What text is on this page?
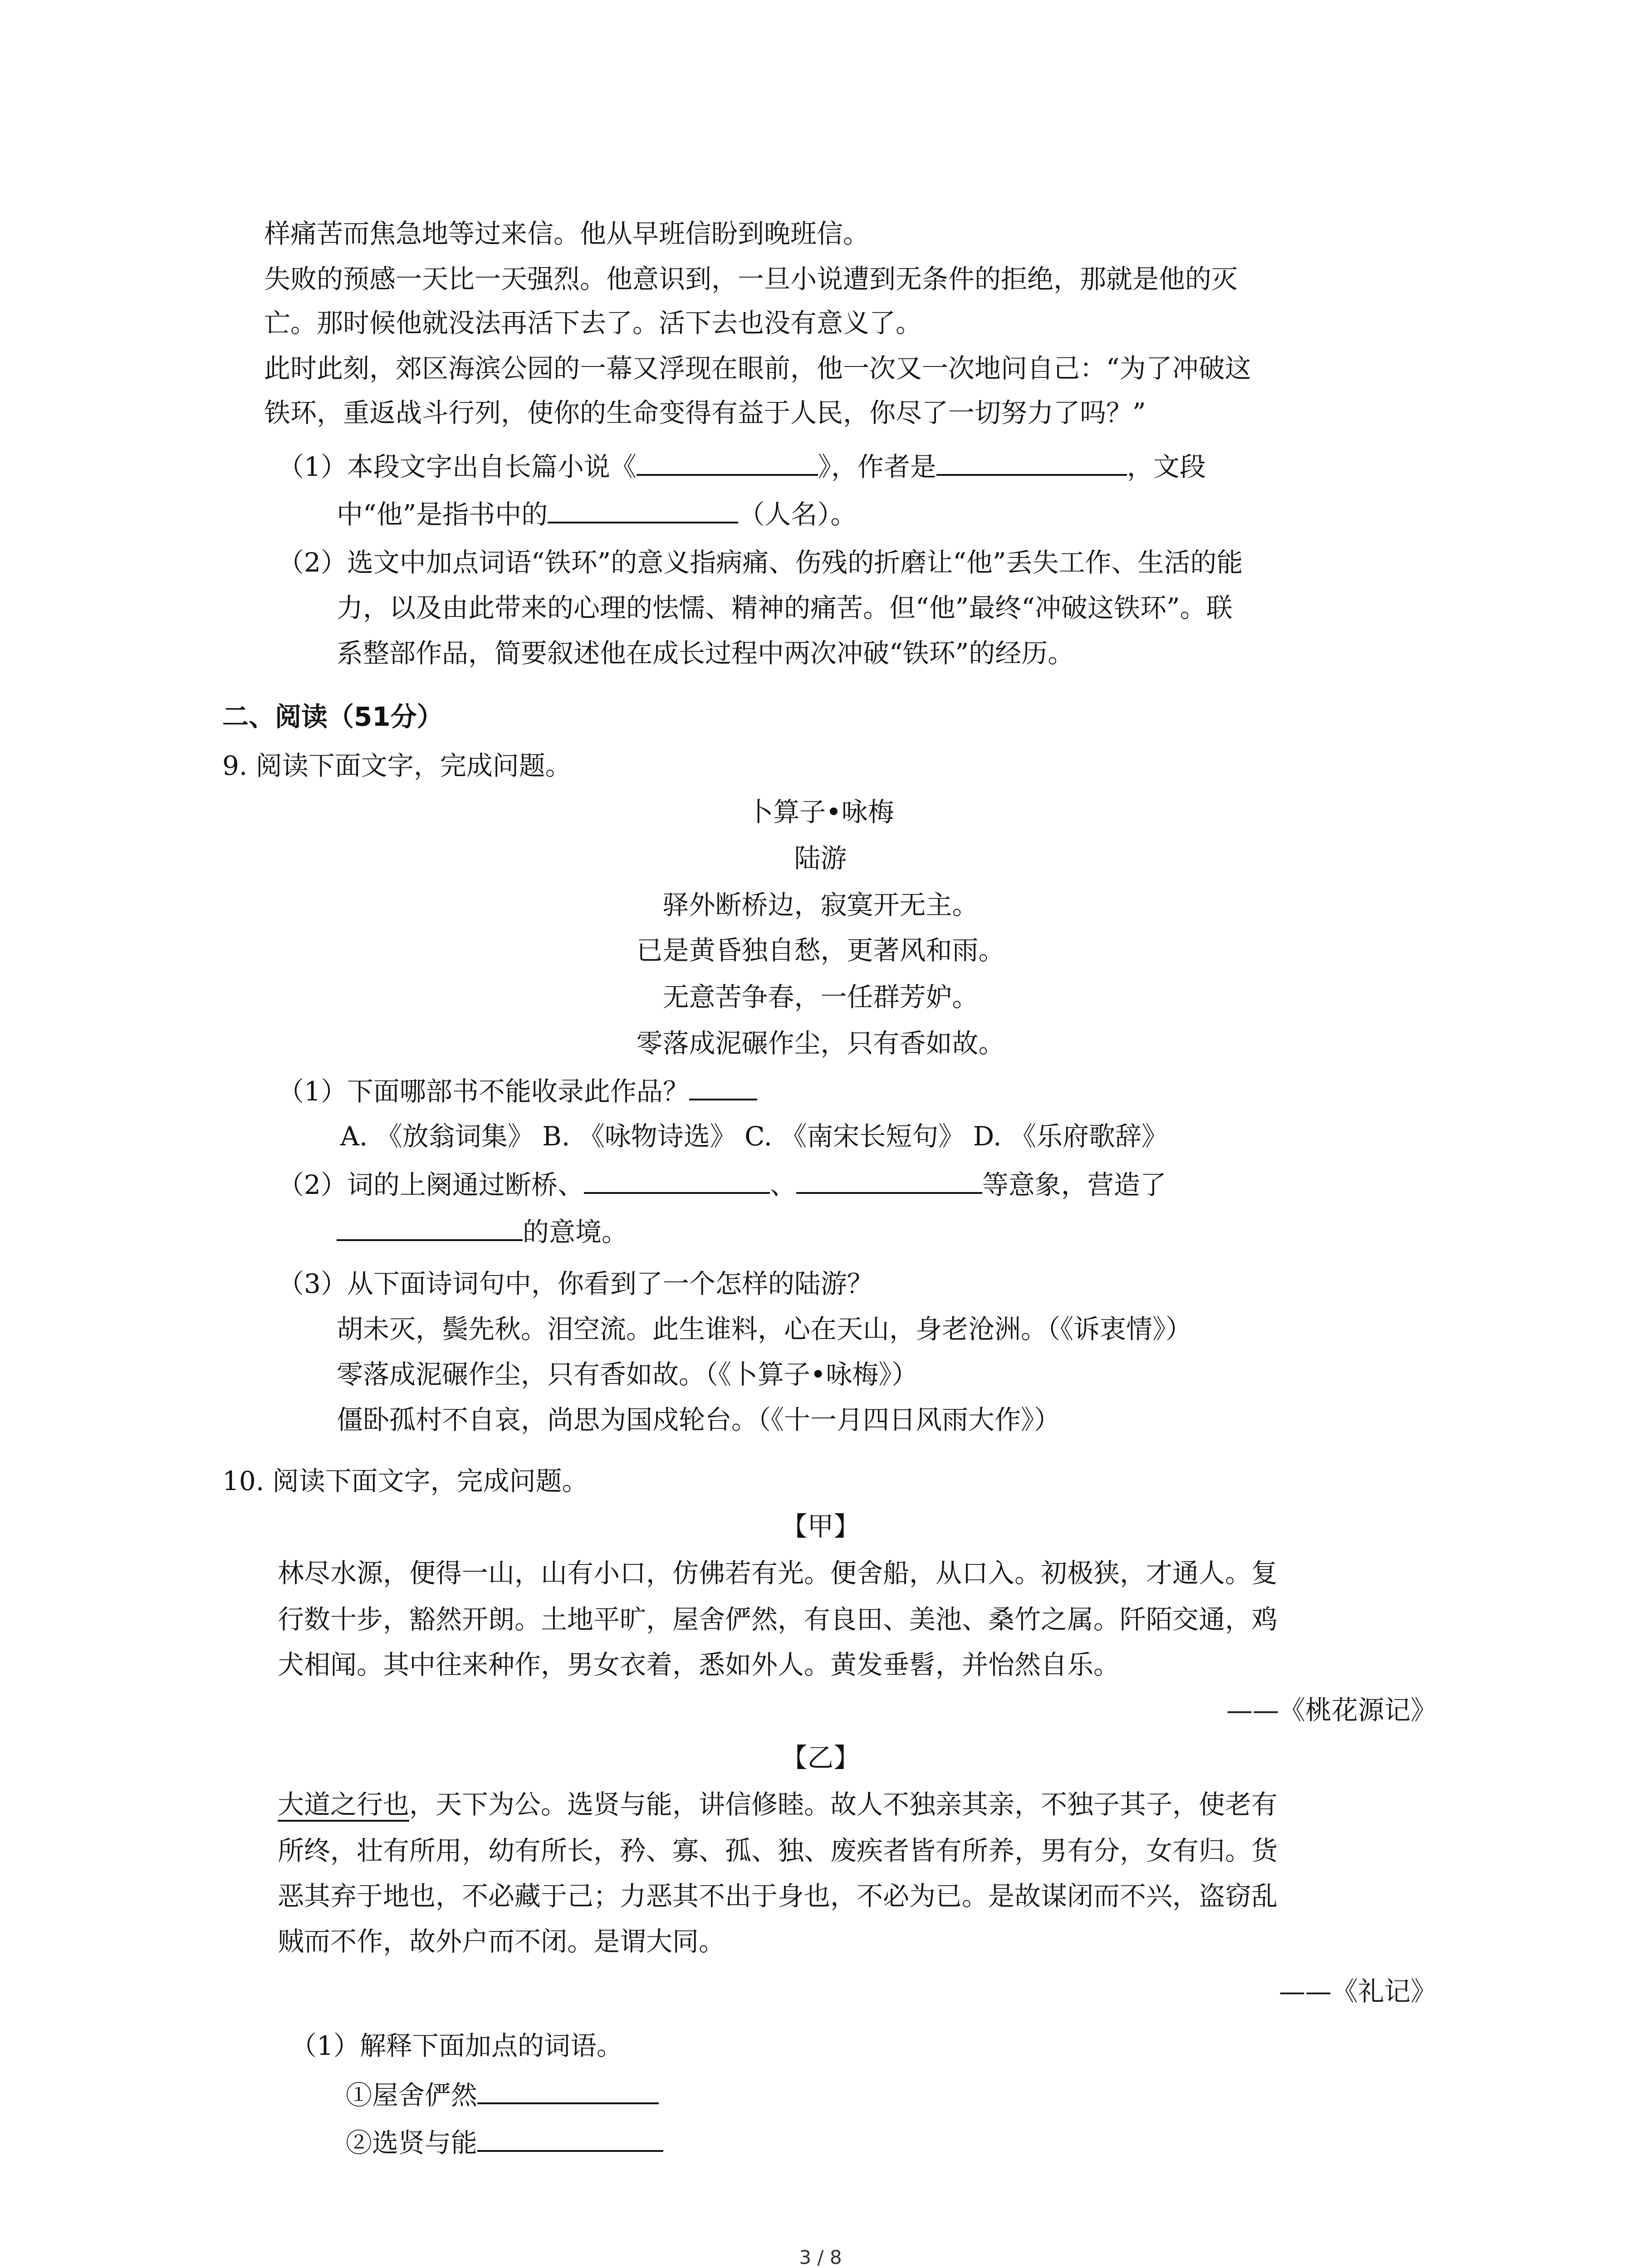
样痛苦而焦急地等过来信。他从早班信盼到晚班信。
失败的预感一天比一天强烈。他意识到，一旦小说遭到无条件的拒绝，那就是他的灭
亡。那时候他就没法再活下去了。活下去也没有意义了。
此时此刻，郊区海滨公园的一幕又浮现在眼前，他一次又一次地问自己：“为了冲破这
铁环，重返战斗行列，使你的生命变得有益于人民，你尽了一切努力了吗？”
（1）本段文字出自长篇小说《	》，作者是	，文段
中“他”是指书中的	（人名）。
（2）选文中加点词语“铁环”的意义指病痛、伤残的折磨让“他”丢失工作、生活的能
力，以及由此带来的心理的怯懦、精神的痛苦。但“他”最终“冲破这铁环”。联
系整部作品，简要叙述他在成长过程中两次冲破“铁环”的经历。
二、阅读（51分）
9. 阅读下面文字，完成问题。
卜算子•咏梅
陆游
驿外断桥边，寂寞开无主。
已是黄昏独自愁，更著风和雨。
无意苦争春，一任群芳妒。
零落成泥碾作尘，只有香如故。
（1）下面哪部书不能收录此作品？
A. 《放翁词集》 B. 《咏物诗选》 C. 《南宋长短句》 D. 《乐府歌辞》
（2）词的上阕通过断桥、	、	等意象，营造了
的意境。
（3）从下面诗词句中，你看到了一个怎样的陆游？
胡未灭，鬓先秋。泪空流。此生谁料，心在天山，身老沧洲。（《诉衷情》）
零落成泥碾作尘，只有香如故。（《卜算子•咏梅》）
僵卧孤村不自哀，尚思为国戍轮台。（《十一月四日风雨大作》）
10. 阅读下面文字，完成问题。
【甲】
林尽水源，便得一山，山有小口，仿佛若有光。便舍船，从口入。初极狭，才通人。复
行数十步，豁然开朗。土地平旷，屋舍俨然，有良田、美池、桑竹之属。阡陌交通，鸡
犬相闻。其中往来种作，男女衣着，悉如外人。黄发垂髫，并怡然自乐。
——《桃花源记》
【乙】
大道之行也，天下为公。选贤与能，讲信修睦。故人不独亲其亲，不独子其子，使老有
所终，壮有所用，幼有所长，矜、寡、孤、独、废疾者皆有所养，男有分，女有归。货
恶其弃于地也，不必藏于己；力恶其不出于身也，不必为已。是故谋闭而不兴，盗窃乱
贼而不作，故外户而不闭。是谓大同。
——《礼记》
（1）解释下面加点的词语。
①屋舍俨然
②选贤与能
3 / 8
